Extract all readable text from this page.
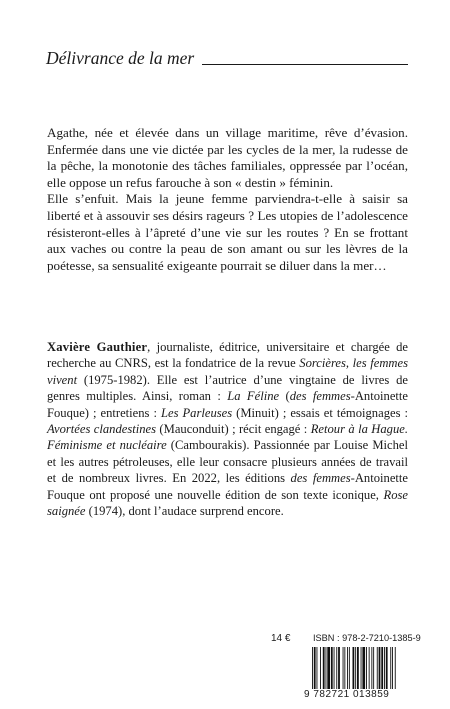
Délivrance de la mer
Agathe, née et élevée dans un village maritime, rêve d’évasion. Enfermée dans une vie dictée par les cycles de la mer, la rudesse de la pêche, la monotonie des tâches familiales, oppressée par l’océan, elle oppose un refus farouche à son « destin » féminin.
Elle s’enfuit. Mais la jeune femme parviendra-t-elle à saisir sa liberté et à assouvir ses désirs rageurs ? Les utopies de l’adolescence résisteront-elles à l’âpreté d’une vie sur les routes ? En se frottant aux vaches ou contre la peau de son amant ou sur les lèvres de la poétesse, sa sensualité exigeante pourrait se diluer dans la mer…
Xavière Gauthier, journaliste, éditrice, universitaire et chargée de recherche au CNRS, est la fondatrice de la revue Sorcières, les femmes vivent (1975-1982). Elle est l’autrice d’une vingtaine de livres de genres multiples. Ainsi, roman : La Féline (des femmes-Antoinette Fouque) ; entretiens : Les Parleuses (Minuit) ; essais et témoignages : Avortées clandestines (Mauconduit) ; récit engagé : Retour à la Hague. Féminisme et nucléaire (Cambourakis). Passionnée par Louise Michel et les autres pétroleuses, elle leur consacre plusieurs années de travail et de nombreux livres. En 2022, les éditions des femmes-Antoinette Fouque ont proposé une nouvelle édition de son texte iconique, Rose saignée (1974), dont l’audace surprend encore.
14 € ISBN : 978-2-7210-1385-9
9 782721 013859
